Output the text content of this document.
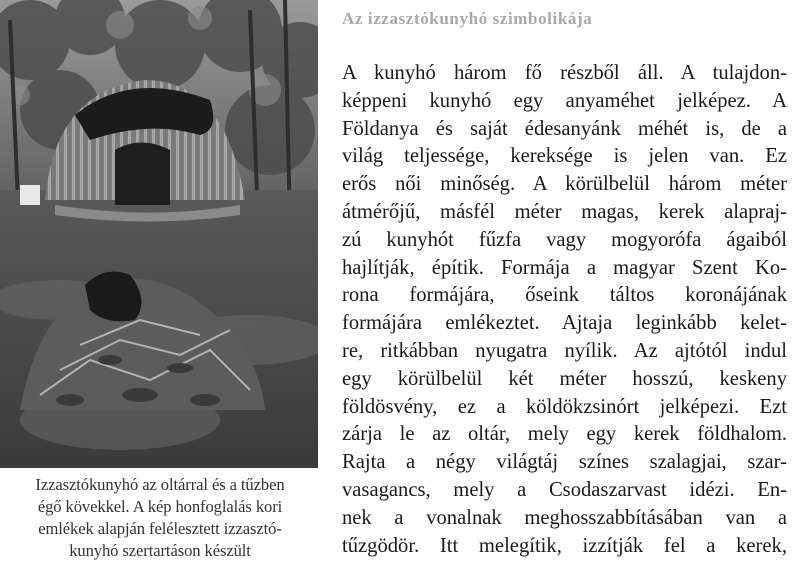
Izzasztókunyhó az oltárral és a tűzben
égő kövekkel. A kép honfoglalás kori
emlékek alapján felélesztett izzasztó-
kunyhó szertartáson készült
Az izzasztókunyhó szimbolikája
A kunyhó három fő részből áll. A tulajdon-
képpeni kunyhó egy anyaméhet jelképez. A
Földanya és saját édesanyánk méhét is, de a
világ teljessége, kereksége is jelen van. Ez
erős női minőség. A körülbelül három méter
átmérőjű, másfél méter magas, kerek alapraj-
zú kunyhót fűzfa vagy mogyorófa ágaiból
hajlítják, építik. Formája a magyar Szent Ko-
rona formájára, őseink táltos koronájának
formájára emlékeztet. Ajtaja leginkább kelet-
re, ritkábban nyugatra nyílik. Az ajtótól indul
egy körülbelül két méter hosszú, keskeny
földösvény, ez a köldökzsinórt jelképezi. Ezt
zárja le az oltár, mely egy kerek földhalom.
Rajta a négy világtáj színes szalagjai, szar-
vasagancs, mely a Csodaszarvast idézi. En-
nek a vonalnak meghosszabbításában van a
tűzgödör. Itt melegítik, izzítják fel a kerek,
